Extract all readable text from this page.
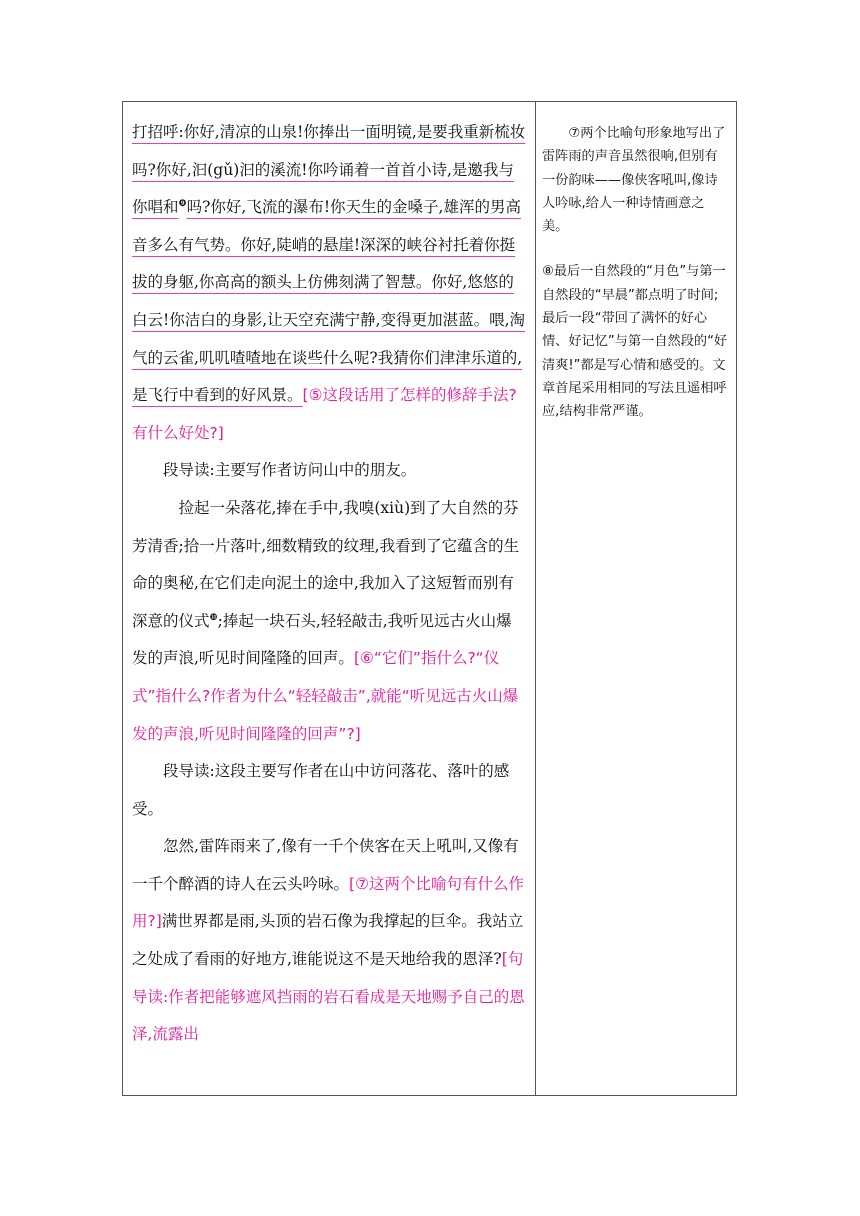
打招呼:你好,清凉的山泉!你捧出一面明镜,是要我重新梳妆吗?你好,汩(gǔ)汩的溪流!你吟诵着一首首小诗,是邀我与你唱和$^❾$吗?你好,飞流的瀑布!你天生的金嗓子,雄浑的男高音多么有气势。你好,陡峭的悬崖!深深的峡谷衬托着你挺拔的身躯,你高高的额头上仿佛刻满了智慧。你好,悠悠的白云!你洁白的身影,让天空充满宁静,变得更加湛蓝。喂,淘气的云雀,叽叽喳喳地在谈些什么呢?我猜你们津津乐道的,是飞行中看到的好风景。[⑤这段话用了怎样的修辞手法?有什么好处?]

段导读:主要写作者访问山中的朋友。

捡起一朵落花,捧在手中,我嗅(xiù)到了大自然的芬芳清香;拾一片落叶,细数精致的纹理,我看到了它蕴含的生命的奥秘,在它们走向泥土的途中,我加入了这短暂而别有深意的仪式$^❿$;捧起一块石头,轻轻敲击,我听见远古火山爆发的声浪,听见时间隆隆的回声。[⑥“它们”指什么?“仪式”指什么?作者为什么“轻轻敲击”,就能“听见远古火山爆发的声浪,听见时间隆隆的回声”?]

段导读:这段主要写作者在山中访问落花、落叶的感受。

忽然,雷阵雨来了,像有一千个侠客在天上吼叫,又像有一千个醉酒的诗人在云头吟咏。[⑦这两个比喻句有什么作用?]满世界都是雨,头顶的岩石像为我撑起的巨伞。我站立之处成了看雨的好地方,谁能说这不是天地给我的恩泽?[句导读:作者把能够遮风挡雨的岩石看成是天地赐予自己的恩泽,流露出

⑦两个比喻句形象地写出了雷阵雨的声音虽然很响,但别有一份韵味——像侠客吼叫,像诗人吟咏,给人一种诗情画意之美。

⑧最后一自然段的“月色”与第一自然段的“早晨”都点明了时间;最后一段“带回了满怀的好心情、好记忆”与第一自然段的“好清爽!”都是写心情和感受的。文章首尾采用相同的写法且遥相呼应,结构非常严谨。
